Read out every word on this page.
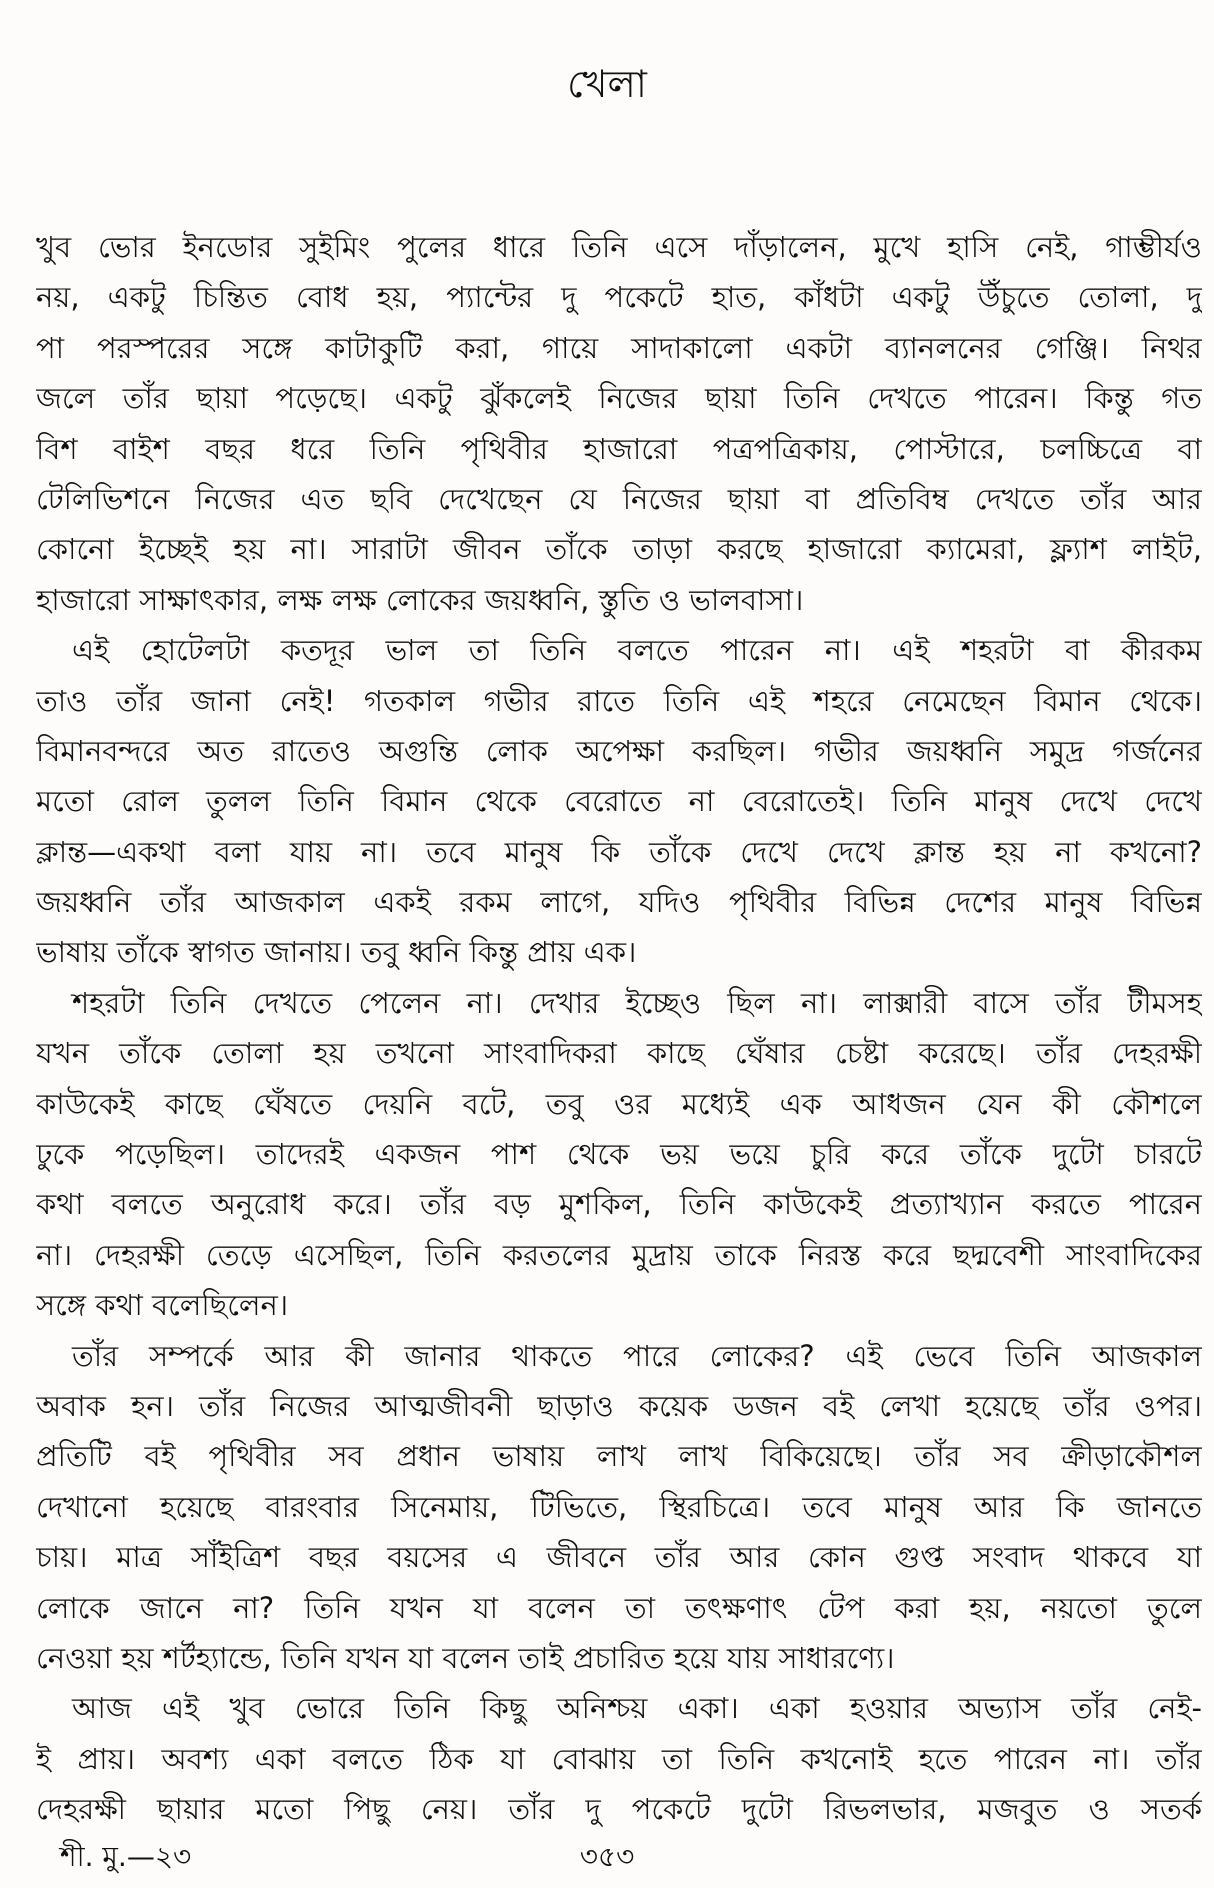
খেলা
খুব ভোর ইনডোর সুইমিং পুলের ধারে তিনি এসে দাঁড়ালেন, মুখে হাসি নেই, গাম্ভীর্যও
নয়, একটু চিন্তিত বোধ হয়, প্যান্টের দু পকেটে হাত, কাঁধটা একটু উঁচুতে তোলা, দু
পা পরস্পরের সঙ্গে কাটাকুটি করা, গায়ে সাদাকালো একটা ব্যানলনের গেঞ্জি। নিথর
জলে তাঁর ছায়া পড়েছে। একটু ঝুঁকলেই নিজের ছায়া তিনি দেখতে পারেন। কিন্তু গত
বিশ বাইশ বছর ধরে তিনি পৃথিবীর হাজারো পত্রপত্রিকায়, পোস্টারে, চলচ্চিত্রে বা
টেলিভিশনে নিজের এত ছবি দেখেছেন যে নিজের ছায়া বা প্রতিবিম্ব দেখতে তাঁর আর
কোনো ইচ্ছেই হয় না। সারাটা জীবন তাঁকে তাড়া করছে হাজারো ক্যামেরা, ফ্ল্যাশ লাইট,
হাজারো সাক্ষাৎকার, লক্ষ লক্ষ লোকের জয়ধ্বনি, স্তুতি ও ভালবাসা।
এই হোটেলটা কতদূর ভাল তা তিনি বলতে পারেন না। এই শহরটা বা কীরকম
তাও তাঁর জানা নেই! গতকাল গভীর রাতে তিনি এই শহরে নেমেছেন বিমান থেকে।
বিমানবন্দরে অত রাতেও অগুন্তি লোক অপেক্ষা করছিল। গভীর জয়ধ্বনি সমুদ্র গর্জনের
মতো রোল তুলল তিনি বিমান থেকে বেরোতে না বেরোতেই। তিনি মানুষ দেখে দেখে
ক্লান্ত—একথা বলা যায় না। তবে মানুষ কি তাঁকে দেখে দেখে ক্লান্ত হয় না কখনো?
জয়ধ্বনি তাঁর আজকাল একই রকম লাগে, যদিও পৃথিবীর বিভিন্ন দেশের মানুষ বিভিন্ন
ভাষায় তাঁকে স্বাগত জানায়। তবু ধ্বনি কিন্তু প্রায় এক।
শহরটা তিনি দেখতে পেলেন না। দেখার ইচ্ছেও ছিল না। লাক্সারী বাসে তাঁর টীমসহ
যখন তাঁকে তোলা হয় তখনো সাংবাদিকরা কাছে ঘেঁষার চেষ্টা করেছে। তাঁর দেহরক্ষী
কাউকেই কাছে ঘেঁষতে দেয়নি বটে, তবু ওর মধ্যেই এক আধজন যেন কী কৌশলে
ঢুকে পড়েছিল। তাদেরই একজন পাশ থেকে ভয় ভয়ে চুরি করে তাঁকে দুটো চারটে
কথা বলতে অনুরোধ করে। তাঁর বড় মুশকিল, তিনি কাউকেই প্রত্যাখ্যান করতে পারেন
না। দেহরক্ষী তেড়ে এসেছিল, তিনি করতলের মুদ্রায় তাকে নিরস্ত করে ছদ্মবেশী সাংবাদিকের
সঙ্গে কথা বলেছিলেন।
তাঁর সম্পর্কে আর কী জানার থাকতে পারে লোকের? এই ভেবে তিনি আজকাল
অবাক হন। তাঁর নিজের আত্মজীবনী ছাড়াও কয়েক ডজন বই লেখা হয়েছে তাঁর ওপর।
প্রতিটি বই পৃথিবীর সব প্রধান ভাষায় লাখ লাখ বিকিয়েছে। তাঁর সব ক্রীড়াকৌশল
দেখানো হয়েছে বারংবার সিনেমায়, টিভিতে, স্থিরচিত্রে। তবে মানুষ আর কি জানতে
চায়। মাত্র সাঁইত্রিশ বছর বয়সের এ জীবনে তাঁর আর কোন গুপ্ত সংবাদ থাকবে যা
লোকে জানে না? তিনি যখন যা বলেন তা তৎক্ষণাৎ টেপ করা হয়, নয়তো তুলে
নেওয়া হয় শর্টহ্যান্ডে, তিনি যখন যা বলেন তাই প্রচারিত হয়ে যায় সাধারণ্যে।
আজ এই খুব ভোরে তিনি কিছু অনিশ্চয় একা। একা হওয়ার অভ্যাস তাঁর নেই-
ই প্রায়। অবশ্য একা বলতে ঠিক যা বোঝায় তা তিনি কখনোই হতে পারেন না। তাঁর
দেহরক্ষী ছায়ার মতো পিছু নেয়। তাঁর দু পকেটে দুটো রিভলভার, মজবুত ও সতর্ক
শী. মু.—২৩	৩৫৩
